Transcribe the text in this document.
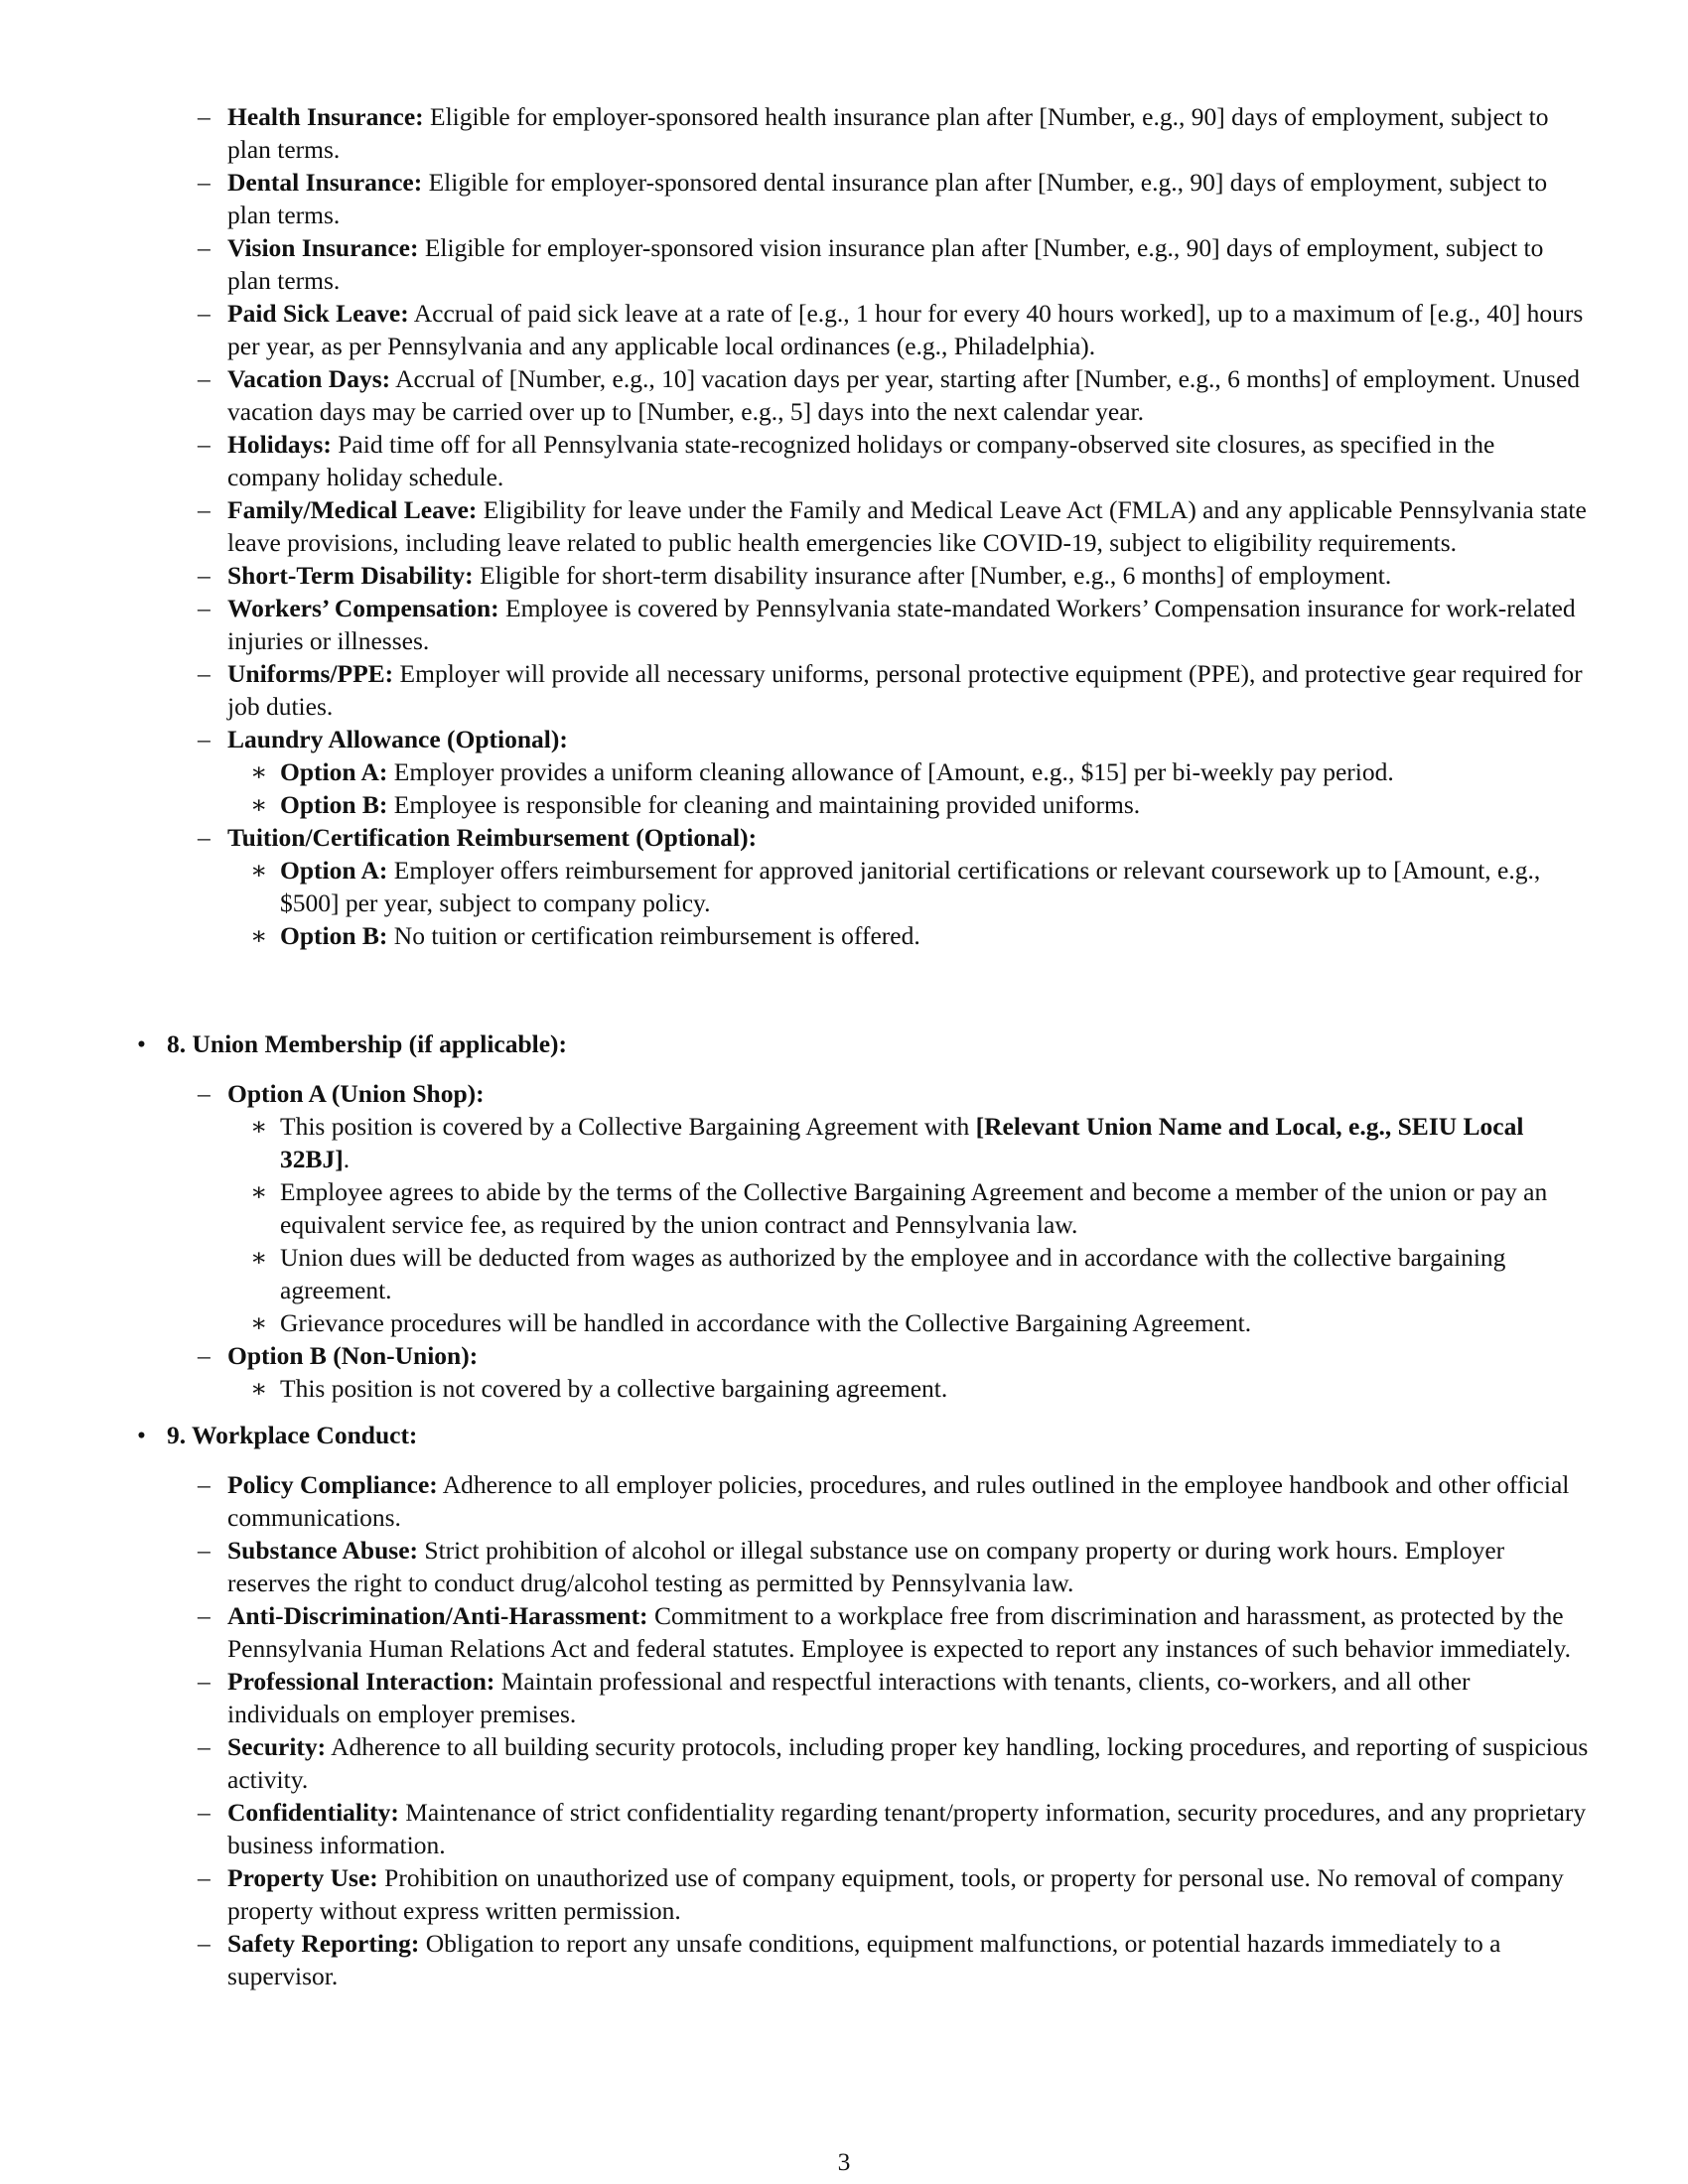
– Health Insurance: Eligible for employer-sponsored health insurance plan after [Number, e.g., 90] days of employment, subject to plan terms.
– Dental Insurance: Eligible for employer-sponsored dental insurance plan after [Number, e.g., 90] days of employment, subject to plan terms.
– Vision Insurance: Eligible for employer-sponsored vision insurance plan after [Number, e.g., 90] days of employment, subject to plan terms.
– Paid Sick Leave: Accrual of paid sick leave at a rate of [e.g., 1 hour for every 40 hours worked], up to a maximum of [e.g., 40] hours per year, as per Pennsylvania and any applicable local ordinances (e.g., Philadelphia).
– Vacation Days: Accrual of [Number, e.g., 10] vacation days per year, starting after [Number, e.g., 6 months] of employment. Unused vacation days may be carried over up to [Number, e.g., 5] days into the next calendar year.
– Holidays: Paid time off for all Pennsylvania state-recognized holidays or company-observed site closures, as specified in the company holiday schedule.
– Family/Medical Leave: Eligibility for leave under the Family and Medical Leave Act (FMLA) and any applicable Pennsylvania state leave provisions, including leave related to public health emergencies like COVID-19, subject to eligibility requirements.
– Short-Term Disability: Eligible for short-term disability insurance after [Number, e.g., 6 months] of employment.
– Workers’ Compensation: Employee is covered by Pennsylvania state-mandated Workers’ Compensation insurance for work-related injuries or illnesses.
– Uniforms/PPE: Employer will provide all necessary uniforms, personal protective equipment (PPE), and protective gear required for job duties.
– Laundry Allowance (Optional):
∗ Option A: Employer provides a uniform cleaning allowance of [Amount, e.g., $15] per bi-weekly pay period.
∗ Option B: Employee is responsible for cleaning and maintaining provided uniforms.
– Tuition/Certification Reimbursement (Optional):
∗ Option A: Employer offers reimbursement for approved janitorial certifications or relevant coursework up to [Amount, e.g., $500] per year, subject to company policy.
∗ Option B: No tuition or certification reimbursement is offered.
• 8. Union Membership (if applicable):
– Option A (Union Shop):
∗ This position is covered by a Collective Bargaining Agreement with [Relevant Union Name and Local, e.g., SEIU Local 32BJ].
∗ Employee agrees to abide by the terms of the Collective Bargaining Agreement and become a member of the union or pay an equivalent service fee, as required by the union contract and Pennsylvania law.
∗ Union dues will be deducted from wages as authorized by the employee and in accordance with the collective bargaining agreement.
∗ Grievance procedures will be handled in accordance with the Collective Bargaining Agreement.
– Option B (Non-Union):
∗ This position is not covered by a collective bargaining agreement.
• 9. Workplace Conduct:
– Policy Compliance: Adherence to all employer policies, procedures, and rules outlined in the employee handbook and other official communications.
– Substance Abuse: Strict prohibition of alcohol or illegal substance use on company property or during work hours. Employer reserves the right to conduct drug/alcohol testing as permitted by Pennsylvania law.
– Anti-Discrimination/Anti-Harassment: Commitment to a workplace free from discrimination and harassment, as protected by the Pennsylvania Human Relations Act and federal statutes. Employee is expected to report any instances of such behavior immediately.
– Professional Interaction: Maintain professional and respectful interactions with tenants, clients, co-workers, and all other individuals on employer premises.
– Security: Adherence to all building security protocols, including proper key handling, locking procedures, and reporting of suspicious activity.
– Confidentiality: Maintenance of strict confidentiality regarding tenant/property information, security procedures, and any proprietary business information.
– Property Use: Prohibition on unauthorized use of company equipment, tools, or property for personal use. No removal of company property without express written permission.
– Safety Reporting: Obligation to report any unsafe conditions, equipment malfunctions, or potential hazards immediately to a supervisor.
3
